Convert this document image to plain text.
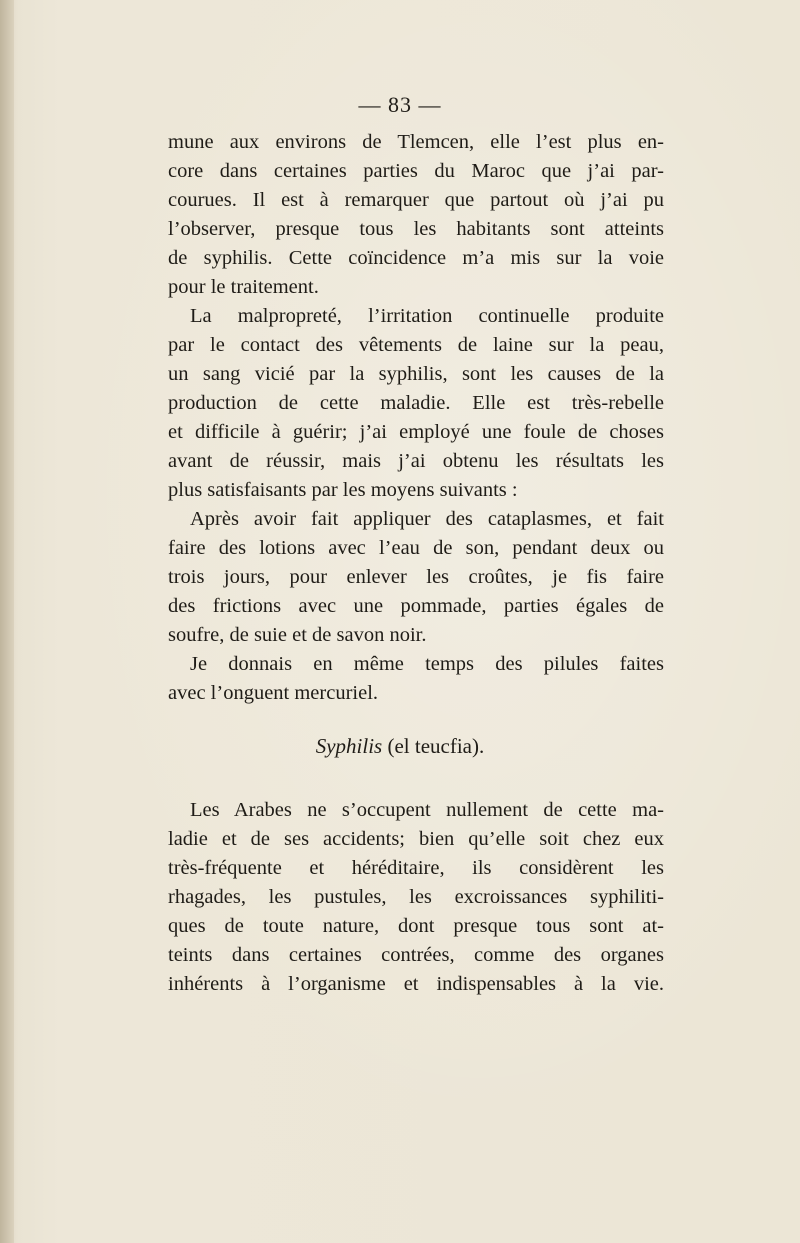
— 83 —
mune aux environs de Tlemcen, elle l’est plus en-
core dans certaines parties du Maroc que j’ai par-
courues. Il est à remarquer que partout où j’ai pu
l’observer, presque tous les habitants sont atteints
de syphilis. Cette coïncidence m’a mis sur la voie
pour le traitement.
La malpropreté, l’irritation continuelle produite
par le contact des vêtements de laine sur la peau,
un sang vicié par la syphilis, sont les causes de la
production de cette maladie. Elle est très-rebelle
et difficile à guérir; j’ai employé une foule de choses
avant de réussir, mais j’ai obtenu les résultats les
plus satisfaisants par les moyens suivants :
Après avoir fait appliquer des cataplasmes, et fait
faire des lotions avec l’eau de son, pendant deux ou
trois jours, pour enlever les croûtes, je fis faire
des frictions avec une pommade, parties égales de
soufre, de suie et de savon noir.
Je donnais en même temps des pilules faites
avec l’onguent mercuriel.
Syphilis (el teucfia).
Les Arabes ne s’occupent nullement de cette ma-
ladie et de ses accidents; bien qu’elle soit chez eux
très-fréquente et héréditaire, ils considèrent les
rhagades, les pustules, les excroissances syphiliti-
ques de toute nature, dont presque tous sont at-
teints dans certaines contrées, comme des organes
inhérents à l’organisme et indispensables à la vie.
